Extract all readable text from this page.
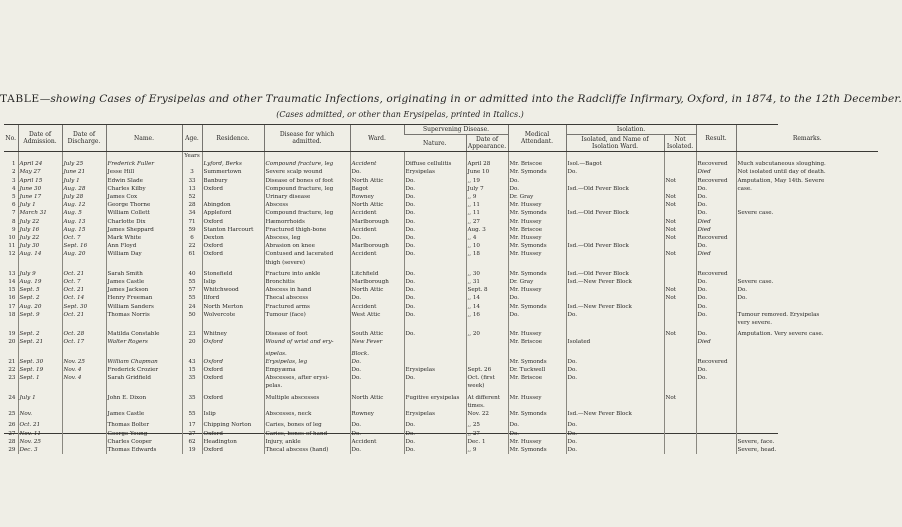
TABLE—showing Cases of Erysipelas and other Traumatic Infections, originating in or admitted into the Radcliffe Infirmary, Oxford, in 1874, to the 12th December.
(Cases admitted, or other than Erysipelas, printed in Italics.)
No.	Date of Admission.	Date of Discharge.	Name.	Age.	Residence.	Disease for which admitted.	Ward.	Supervening Disease.		Medical Attendant.	Isolation.		Result.	Remarks.
								Nature.	Date of Appearance.		Isolated, and Name of Isolation Ward.	Not Isolated.		
				Years										
1	April 24	July 25	Frederick Fuller		Lyford, Berks	Compound fracture, leg	Accident	Diffuse cellulitis	April 28	Mr. Briscoe	Isol.—Bagot		Recovered	Much subcutaneous sloughing.
2	May 27	June 21	Jesse Hill	3	Summertown	Severe scalp wound	Do.	Erysipelas	June 10	Mr. Symonds	Do.		Died	Not isolated until day of death.
3	April 15	July 1	Edwin Slade	33	Banbury	Disease of bones of foot	North Attic	Do.	,, 19	Do.		Not	Recovered	Amputation, May 14th. Severe
4	June 30	Aug. 28	Charles Kilby	13	Oxford	Compound fracture, leg	Bagot	Do.	July 7	Do.	Isd.—Old Fever Block		Do.	case.
5	June 17	July 28	James Cox	52		Urinary disease	Rowney	Do.	,, 9	Dr. Gray		Not	Do.	
6	July 1	Aug. 12	George Thorne	28	Abingdon	Abscess	North Attic	Do.	,, 11	Mr. Hussey		Not	Do.	
7	March 31	Aug. 5	William Collett	34	Appleford	Compound fracture, leg	Accident	Do.	,, 11	Mr. Symonds	Isd.—Old Fever Block		Do.	Severe case.
8	July 22	Aug. 13	Charlotte Dix	71	Oxford	Hæmorrhoids	Marlborough	Do.	,, 27	Mr. Hussey		Not	Died	
9	July 16	Aug. 15	James Sheppard	59	Stanton Harcourt	Fractured thigh-bone	Accident	Do.	Aug. 3	Mr. Briscoe		Not	Died	
10	July 22	Oct. 7	Mark White	6	Dexton	Abscess, leg	Do.	Do.	,, 4	Mr. Hussey		Not	Recovered	
11	July 30	Sept. 16	Ann Floyd	22	Oxford	Abrasion on knee	Marlborough	Do.	,, 10	Mr. Symonds	Isd.—Old Fever Block		Do.	
12	Aug. 14	Aug. 20	William Day	61	Oxford	Contused and lacerated	Accident	Do.	,, 18	Mr. Hussey		Not	Died	
						thigh (severe)								

13	July 9	Oct. 21	Sarah Smith	40	Stonefield	Fracture into ankle	Litchfield	Do.	,, 30	Mr. Symonds	Isd.—Old Fever Block		Recovered	
14	Aug. 19	Oct. 7	James Castle	55	Islip	Bronchitis	Marlborough	Do.	,, 31	Dr. Gray	Isd.—New Fever Block		Do.	Severe case.
15	Sept. 5	Oct. 21	James Jackson	57	Whitchwood	Abscess in hand	North Attic	Do.	Sept. 8	Mr. Hussey		Not	Do.	Do.
16	Sept. 2	Oct. 14	Henry Freeman	55	Ilford	Thecal abscess	Do.	Do.	,, 14	Do.		Not	Do.	Do.
17	Aug. 20	Sept. 30	William Sanders	24	North Merton	Fractured arms	Accident	Do.	,, 14	Mr. Symonds	Isd.—New Fever Block		Do.	
18	Sept. 9	Oct. 21	Thomas Norris	50	Wolvercote	Tumour (face)	West Attic	Do.	,, 16	Do.	Do.		Do.	Tumour removed. Erysipelas
														very severe.

19	Sept. 2	Oct. 28	Matilda Constable	23	Whitney	Disease of foot	South Attic	Do.	,, 20	Mr. Hussey		Not	Do.	Amputation. Very severe case.
20	Sept. 21	Oct. 17	Walter Rogers	20	Oxford	Wound of wrist and ery-	New Fever			Mr. Briscoe	Isolated		Died	

						sipelas.	Block.							
21	Sept. 30	Nov. 25	William Chapman	43	Oxford	Erysipelas, leg	Do.			Mr. Symonds	Do.		Recovered	
22	Sept. 19	Nov. 4	Frederick Crozier	15	Oxford	Empyæma	Do.	Erysipelas	Sept. 26	Dr. Tuckwell	Do.		Do.	
23	Sept. 1	Nov. 4	Sarah Gridfield	35	Oxford	Abscesses, after erysi-	Do.	Do.	Oct. (first	Mr. Briscoe	Do.		Do.	
						pelas.			week)					

24	July 1		John E. Dixon	35	Oxford	Multiple abscesses	North Attic	Fugitive erysipelas	At different	Mr. Hussey		Not		
									times.					
25	Nov.		James Castle	55	Islip	Abscesses, neck	Rowney	Erysipelas	Nov. 22	Mr. Symonds	Isd.—New Fever Block			

26	Oct. 21		Thomas Bolter	17	Chipping Norton	Caries, bones of leg	Do.	Do.	,, 25	Do.	Do.			
27	Nov. 11		George Young	27	Oxford	Caries, bones of hand	Do.	Do.	,, 27	Do.	Do.			
28	Nov. 25		Charles Cooper	62	Headington	Injury, ankle	Accident	Do.	Dec. 1	Mr. Hussey	Do.			Severe, face.
29	Dec. 3		Thomas Edwards	19	Oxford	Thecal abscess (hand)	Do.	Do.	,, 9	Mr. Symonds	Do.			Severe, head.
